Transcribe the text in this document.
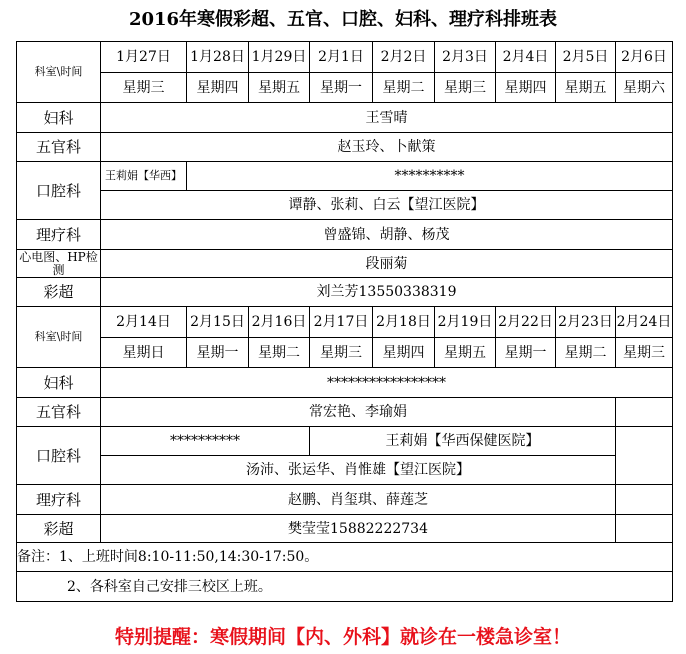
2016年寒假彩超、五官、口腔、妇科、理疗科排班表
科室\时间	1月27日	1月28日	1月29日	2月1日	2月2日	2月3日	2月4日	2月5日	2月6日
	星期三	星期四	星期五	星期一	星期二	星期三	星期四	星期五	星期六
妇科	王雪晴								
五官科	赵玉玲、卜献策								
口腔科	王莉娟【华西】	**********							
	谭静、张莉、白云【望江医院】								
理疗科	曾盛锦、胡静、杨茂								
心电图、HP检测	段丽菊								
彩超	刘兰芳13550338319								
科室\时间	2月14日	2月15日	2月16日	2月17日	2月18日	2月19日	2月22日	2月23日	2月24日
	星期日	星期一	星期二	星期三	星期四	星期五	星期一	星期二	星期三
妇科	*****************								
五官科	常宏艳、李瑜娟								
口腔科	**********			王莉娟【华西保健医院】					
	汤沛、张运华、肖惟雄【望江医院】								
理疗科	赵鹏、肖玺琪、薛莲芝								
彩超	樊莹莹15882222734								
备注：1、上班时间8:10-11:50,14:30-17:50。									
2、各科室自己安排三校区上班。									
特别提醒：寒假期间【内、外科】就诊在一楼急诊室！
